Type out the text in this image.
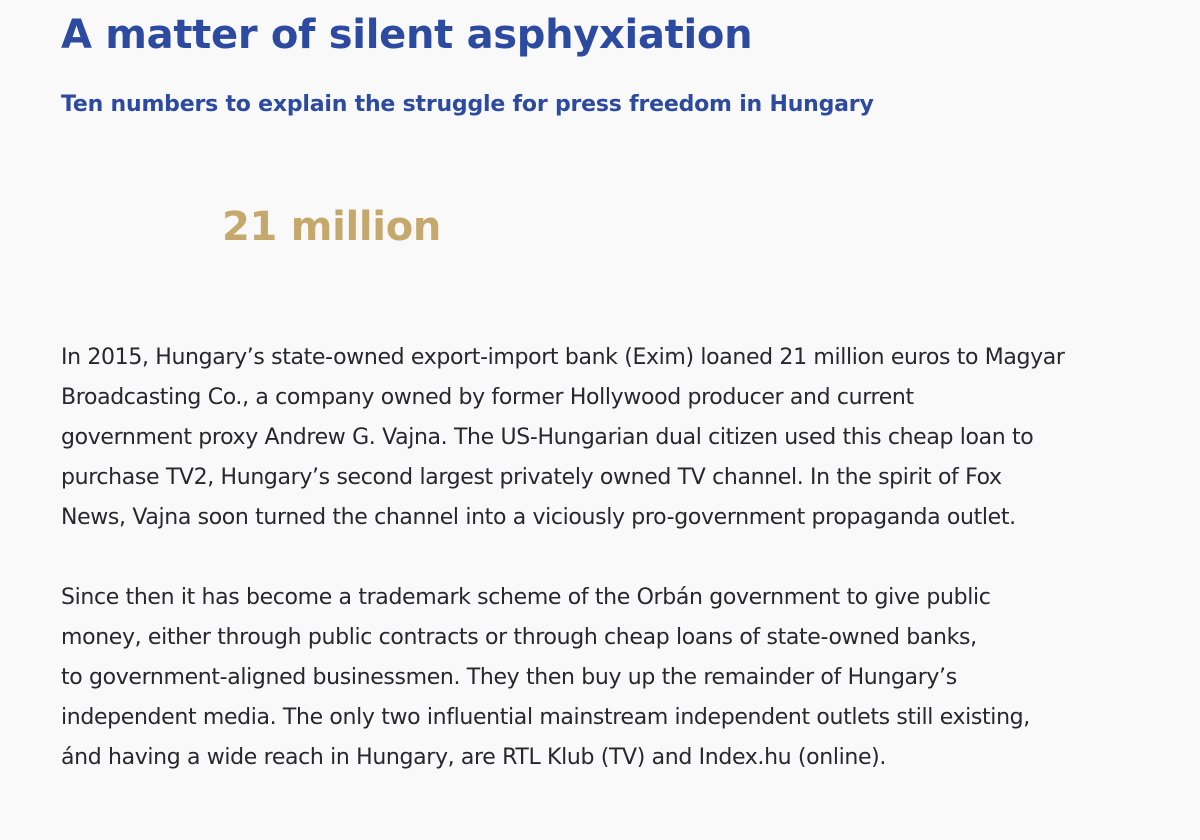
A matter of silent asphyxiation
Ten numbers to explain the struggle for press freedom in Hungary
21 million

In 2015, Hungary’s state-owned export-import bank (Exim) loaned 21 million euros to Magyar
Broadcasting Co., a company owned by former Hollywood producer and current
government proxy Andrew G. Vajna. The US-Hungarian dual citizen used this cheap loan to
purchase TV2, Hungary’s second largest privately owned TV channel. In the spirit of Fox
News, Vajna soon turned the channel into a viciously pro-government propaganda outlet.

Since then it has become a trademark scheme of the Orbán government to give public
money, either through public contracts or through cheap loans of state-owned banks,
to government-aligned businessmen. They then buy up the remainder of Hungary’s
independent media. The only two influential mainstream independent outlets still existing,
ánd having a wide reach in Hungary, are RTL Klub (TV) and Index.hu (online).
